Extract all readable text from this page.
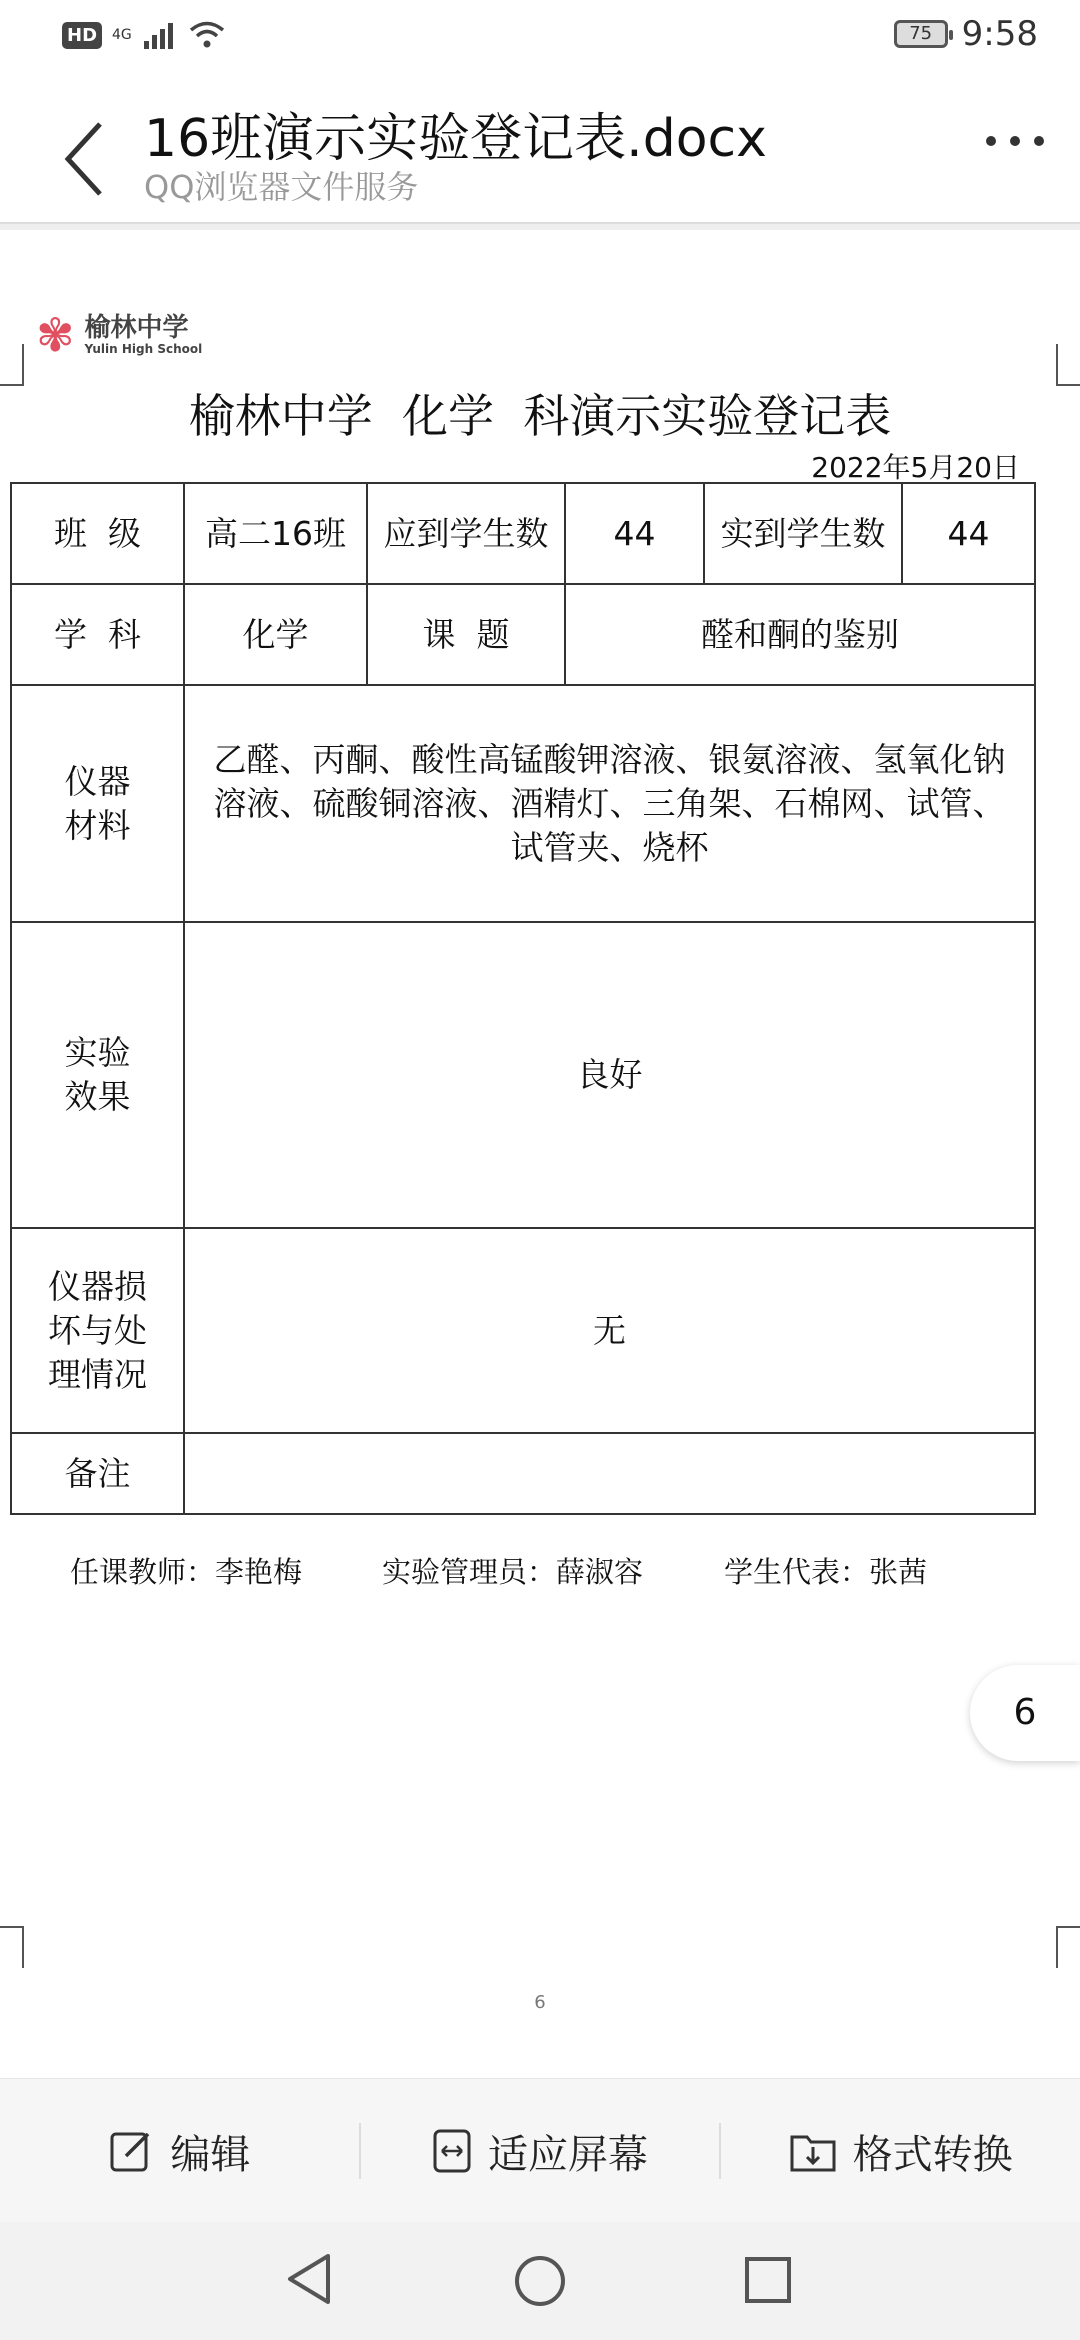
HD	4G	75 9:58
16班演示实验登记表.docx
QQ浏览器文件服务
✾ 榆林中学
Yulin High School
榆林中学  化学  科演示实验登记表
2022年5月20日
班  级	高二16班	应到学生数	44	实到学生数	44
学  科	化学	课  题	醛和酮的鉴别		
仪器材料	乙醛、丙酮、酸性高锰酸钾溶液、银氨溶液、氢氧化钠溶液、硫酸铜溶液、酒精灯、三角架、石棉网、试管、试管夹、烧杯				
实验效果	良好				
仪器损坏与处理情况	无				
备注					
任课教师：李艳梅	实验管理员：薛淑容	学生代表：张茜
6
6
编辑	适应屏幕	格式转换
